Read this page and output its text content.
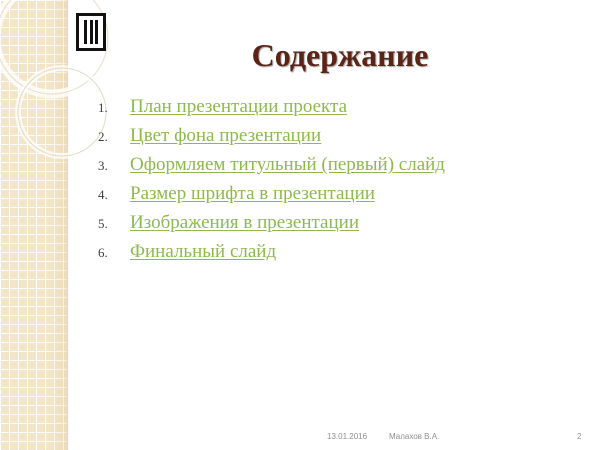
Содержание
1.	План презентации проекта
2.	Цвет фона презентации
3.	Оформляем титульный (первый) слайд
4.	Размер шрифта в презентации
5.	Изображения в презентации
6.	Финальный слайд
13.01.2016	Малахов В.А.	2
